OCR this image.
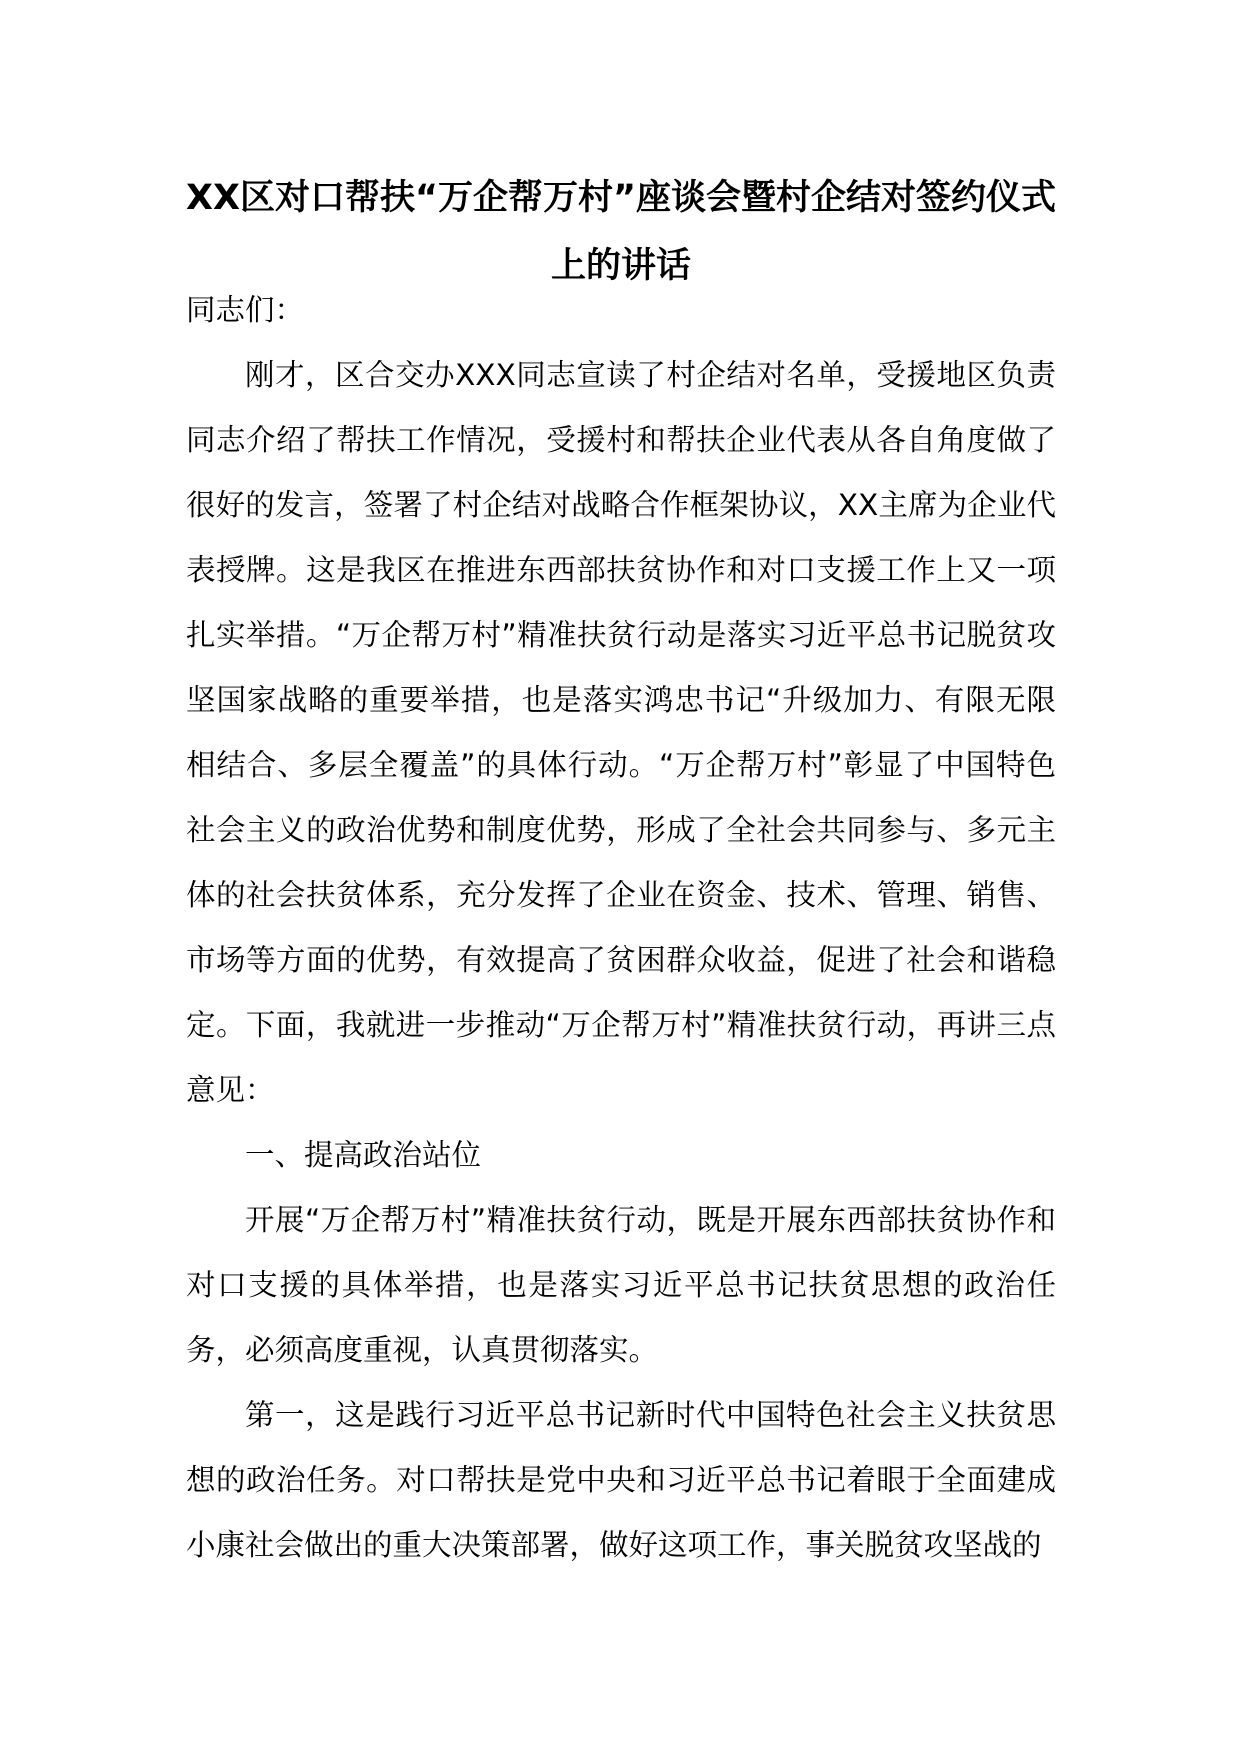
XX区对口帮扶“万企帮万村”座谈会暨村企结对签约仪式上的讲话

同志们：

刚才，区合交办XXX同志宣读了村企结对名单，受援地区负责同志介绍了帮扶工作情况，受援村和帮扶企业代表从各自角度做了很好的发言，签署了村企结对战略合作框架协议，XX主席为企业代表授牌。这是我区在推进东西部扶贫协作和对口支援工作上又一项扎实举措。“万企帮万村”精准扶贫行动是落实习近平总书记脱贫攻坚国家战略的重要举措，也是落实鸿忠书记“升级加力、有限无限相结合、多层全覆盖”的具体行动。“万企帮万村”彰显了中国特色社会主义的政治优势和制度优势，形成了全社会共同参与、多元主体的社会扶贫体系，充分发挥了企业在资金、技术、管理、销售、市场等方面的优势，有效提高了贫困群众收益，促进了社会和谐稳定。下面，我就进一步推动“万企帮万村”精准扶贫行动，再讲三点意见：

一、提高政治站位

开展“万企帮万村”精准扶贫行动，既是开展东西部扶贫协作和对口支援的具体举措，也是落实习近平总书记扶贫思想的政治任务，必须高度重视，认真贯彻落实。

第一，这是践行习近平总书记新时代中国特色社会主义扶贫思想的政治任务。对口帮扶是党中央和习近平总书记着眼于全面建成小康社会做出的重大决策部署，做好这项工作，事关脱贫攻坚战的
